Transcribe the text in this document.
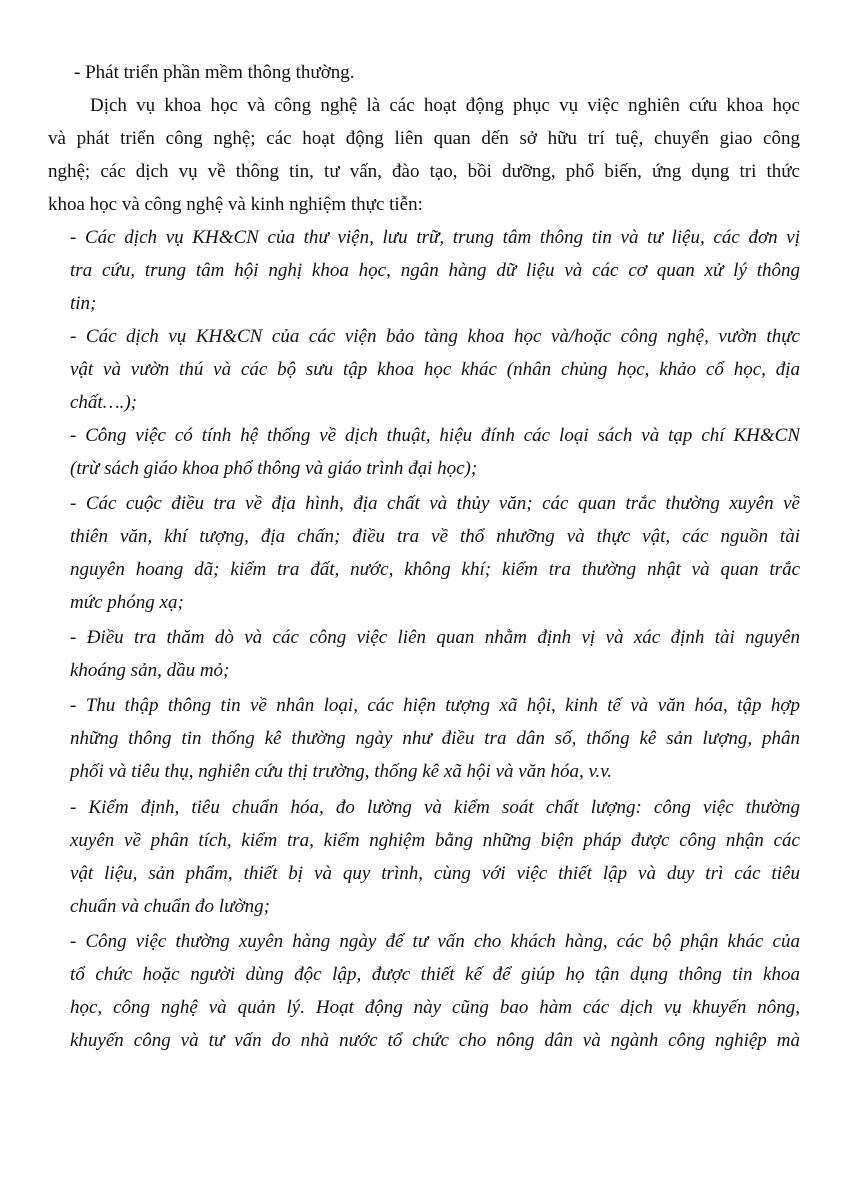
- Phát triển phần mềm thông thường.
Dịch vụ khoa học và công nghệ là các hoạt động phục vụ việc nghiên cứu khoa học
và phát triển công nghệ; các hoạt động liên quan dến sở hữu trí tuệ, chuyển giao công
nghệ; các dịch vụ về thông tin, tư vấn, đào tạo, bồi dưỡng, phổ biến, ứng dụng tri thức
khoa học và công nghệ và kinh nghiệm thực tiễn:
- Các dịch vụ KH&CN của thư viện, lưu trữ, trung tâm thông tin và tư liệu, các đơn vị
tra cứu, trung tâm hội nghị khoa học, ngân hàng dữ liệu và các cơ quan xử lý thông
tin;
- Các dịch vụ KH&CN của các viện bảo tàng khoa học và/hoặc công nghệ, vườn thực
vật và vườn thú và các bộ sưu tập khoa học khác (nhân chủng học, khảo cổ học, địa
chất….);
- Công việc có tính hệ thống về dịch thuật, hiệu đính các loại sách và tạp chí KH&CN
(trừ sách giáo khoa phổ thông và giáo trình đại học);
- Các cuộc điều tra về địa hình, địa chất và thủy văn; các quan trắc thường xuyên về
thiên văn, khí tượng, địa chấn; điều tra về thổ nhưỡng và thực vật, các nguồn tài
nguyên hoang dã; kiểm tra đất, nước, không khí; kiểm tra thường nhật và quan trắc
mức phóng xạ;
- Điều tra thăm dò và các công việc liên quan nhằm định vị và xác định tài nguyên
khoáng sản, dầu mỏ;
- Thu thập thông tin về nhân loại, các hiện tượng xã hội, kinh tế và văn hóa, tập hợp
những thông tin thống kê thường ngày như điều tra dân số, thống kê sản lượng, phân
phối và tiêu thụ, nghiên cứu thị trường, thống kê xã hội và văn hóa, v.v.
- Kiểm định, tiêu chuẩn hóa, đo lường và kiểm soát chất lượng: công việc thường
xuyên về phân tích, kiểm tra, kiểm nghiệm bằng những biện pháp được công nhận các
vật liệu, sản phẩm, thiết bị và quy trình, cùng với việc thiết lập và duy trì các tiêu
chuẩn và chuẩn đo lường;
- Công việc thường xuyên hàng ngày để tư vấn cho khách hàng, các bộ phận khác của
tổ chức hoặc người dùng độc lập, được thiết kế để giúp họ tận dụng thông tin khoa
học, công nghệ và quản lý. Hoạt động này cũng bao hàm các dịch vụ khuyến nông,
khuyến công và tư vấn do nhà nước tổ chức cho nông dân và ngành công nghiệp mà
